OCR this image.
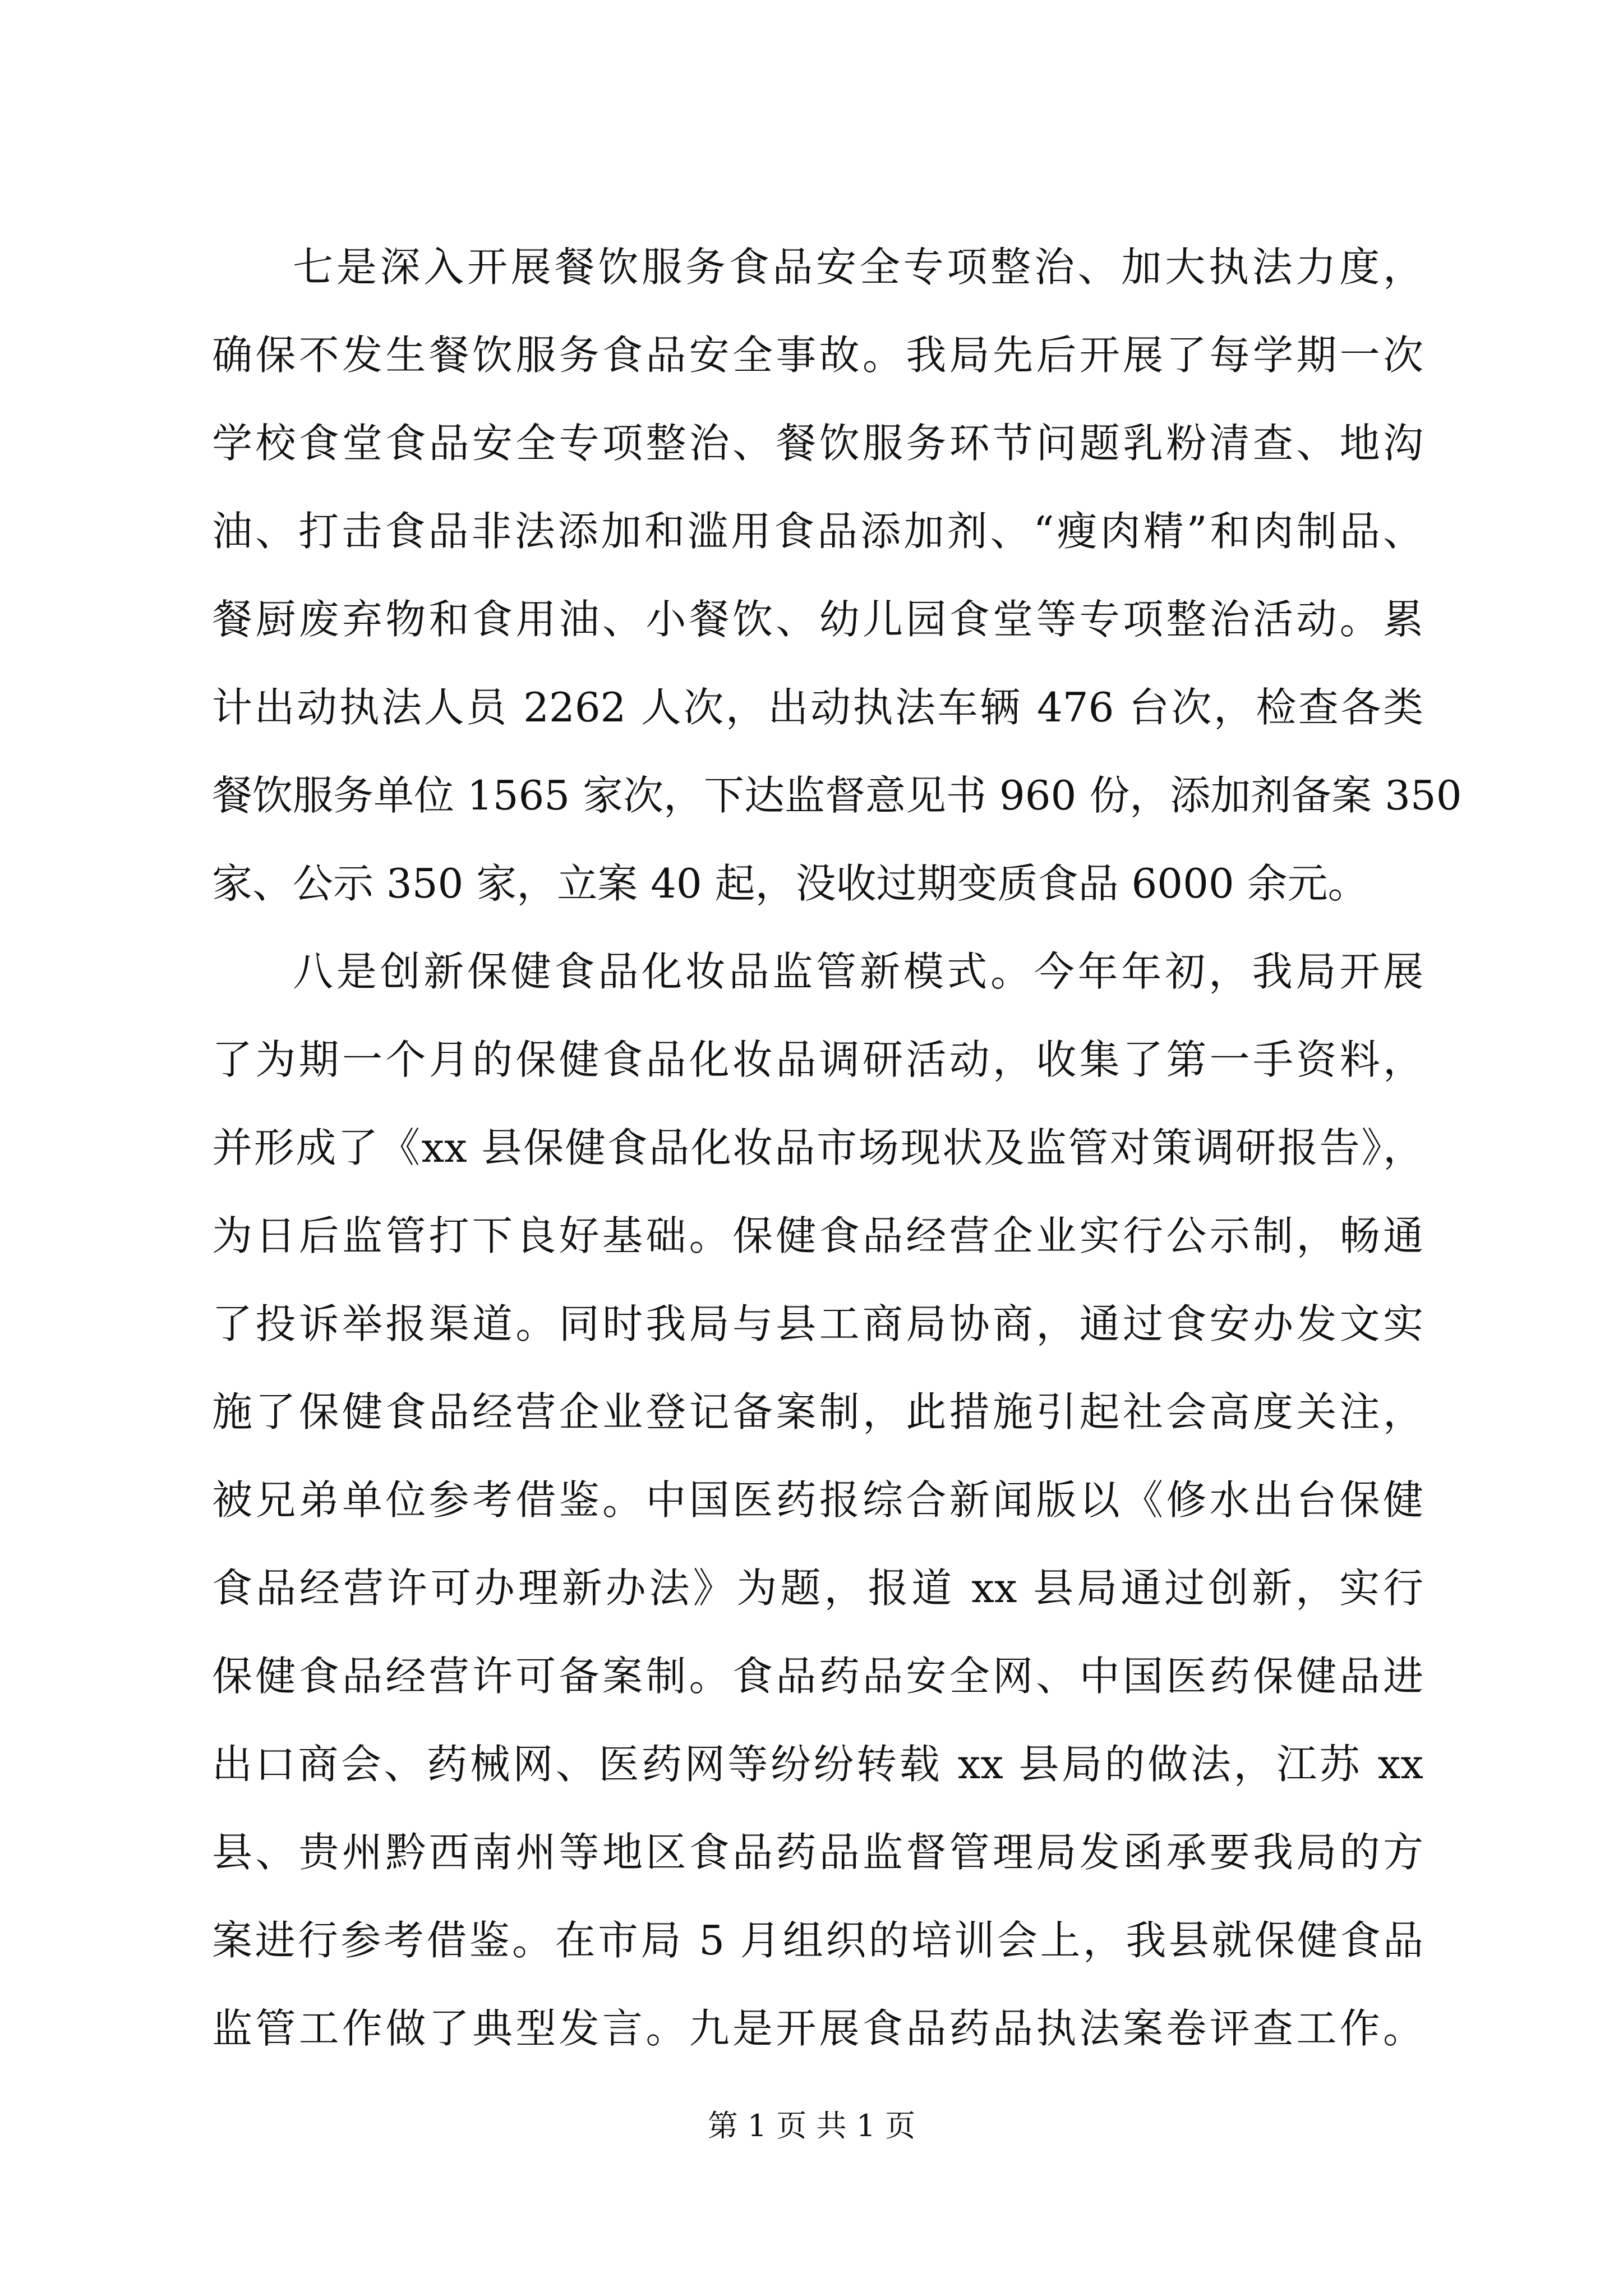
七是深入开展餐饮服务食品安全专项整治、加大执法力度，
确保不发生餐饮服务食品安全事故。我局先后开展了每学期一次
学校食堂食品安全专项整治、餐饮服务环节问题乳粉清查、地沟
油、打击食品非法添加和滥用食品添加剂、“瘦肉精”和肉制品、
餐厨废弃物和食用油、小餐饮、幼儿园食堂等专项整治活动。累
计出动执法人员 2262 人次，出动执法车辆 476 台次，检查各类
餐饮服务单位 1565 家次，下达监督意见书 960 份，添加剂备案 350
家、公示 350 家，立案 40 起，没收过期变质食品 6000 余元。
八是创新保健食品化妆品监管新模式。今年年初，我局开展
了为期一个月的保健食品化妆品调研活动，收集了第一手资料，
并形成了《xx 县保健食品化妆品市场现状及监管对策调研报告》，
为日后监管打下良好基础。保健食品经营企业实行公示制，畅通
了投诉举报渠道。同时我局与县工商局协商，通过食安办发文实
施了保健食品经营企业登记备案制，此措施引起社会高度关注，
被兄弟单位参考借鉴。中国医药报综合新闻版以《修水出台保健
食品经营许可办理新办法》为题，报道 xx 县局通过创新，实行
保健食品经营许可备案制。食品药品安全网、中国医药保健品进
出口商会、药械网、医药网等纷纷转载 xx 县局的做法，江苏 xx
县、贵州黔西南州等地区食品药品监督管理局发函承要我局的方
案进行参考借鉴。在市局 5 月组织的培训会上，我县就保健食品
监管工作做了典型发言。九是开展食品药品执法案卷评查工作。
第 1 页 共 1 页
